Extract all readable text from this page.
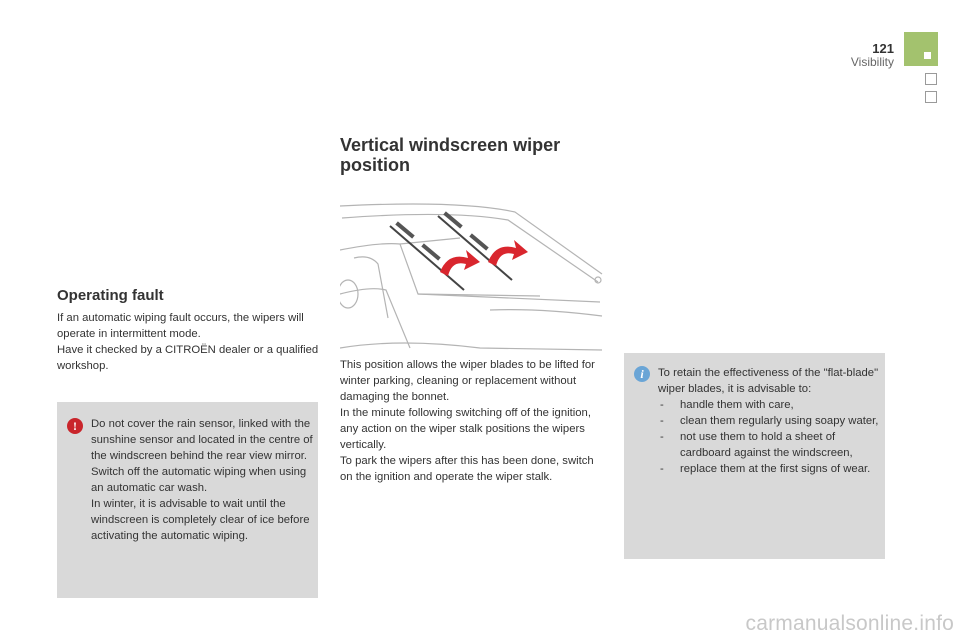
121
Visibility
Vertical windscreen wiper position

This position allows the wiper blades to be lifted for winter parking, cleaning or replacement without damaging the bonnet.

In the minute following switching off of the ignition, any action on the wiper stalk positions the wipers vertically.

To park the wipers after this has been done, switch on the ignition and operate the wiper stalk.

Operating fault

If an automatic wiping fault occurs, the wipers will operate in intermittent mode.

Have it checked by a CITROËN dealer or a qualified workshop.

!	Do not cover the rain sensor, linked with the sunshine sensor and located in the centre of the windscreen behind the rear view mirror.

Switch off the automatic wiping when using an automatic car wash.

In winter, it is advisable to wait until the windscreen is completely clear of ice before activating the automatic wiping.

i	To retain the effectiveness of the "flat-blade" wiper blades, it is advisable to:

- handle them with care,
- clean them regularly using soapy water,
- not use them to hold a sheet of cardboard against the windscreen,
- replace them at the first signs of wear.
carmanualsonline.info
